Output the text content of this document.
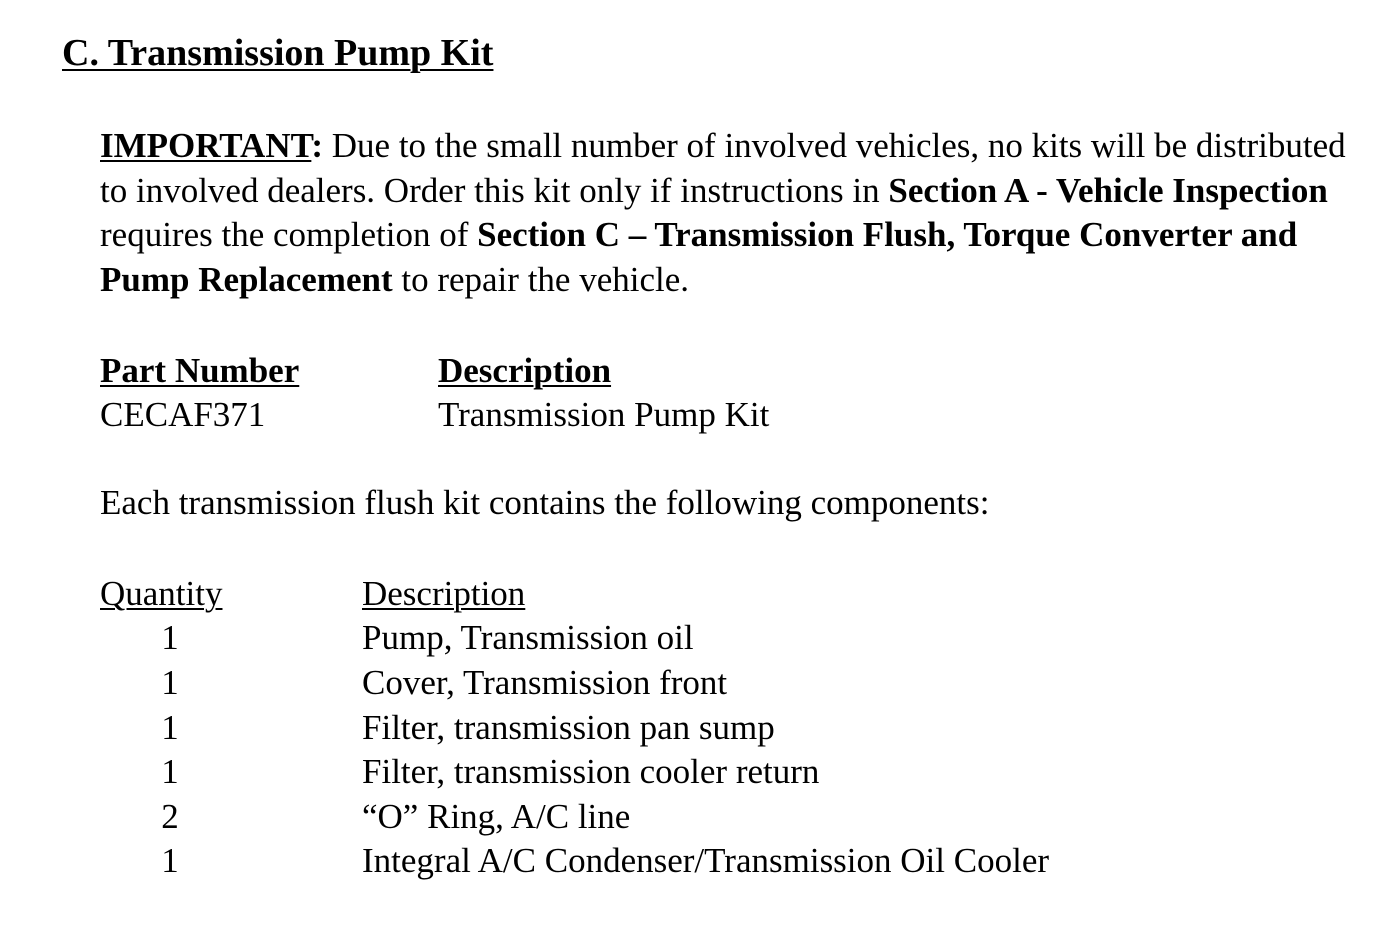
C. Transmission Pump Kit

IMPORTANT: Due to the small number of involved vehicles, no kits will be distributed to involved dealers. Order this kit only if instructions in Section A - Vehicle Inspection requires the completion of Section C – Transmission Flush, Torque Converter and Pump Replacement to repair the vehicle.

Part Number	Description
CECAF371	Transmission Pump Kit

Each transmission flush kit contains the following components:

Quantity	Description
1	Pump, Transmission oil
1	Cover, Transmission front
1	Filter, transmission pan sump
1	Filter, transmission cooler return
2	“O” Ring, A/C line
1	Integral A/C Condenser/Transmission Oil Cooler
